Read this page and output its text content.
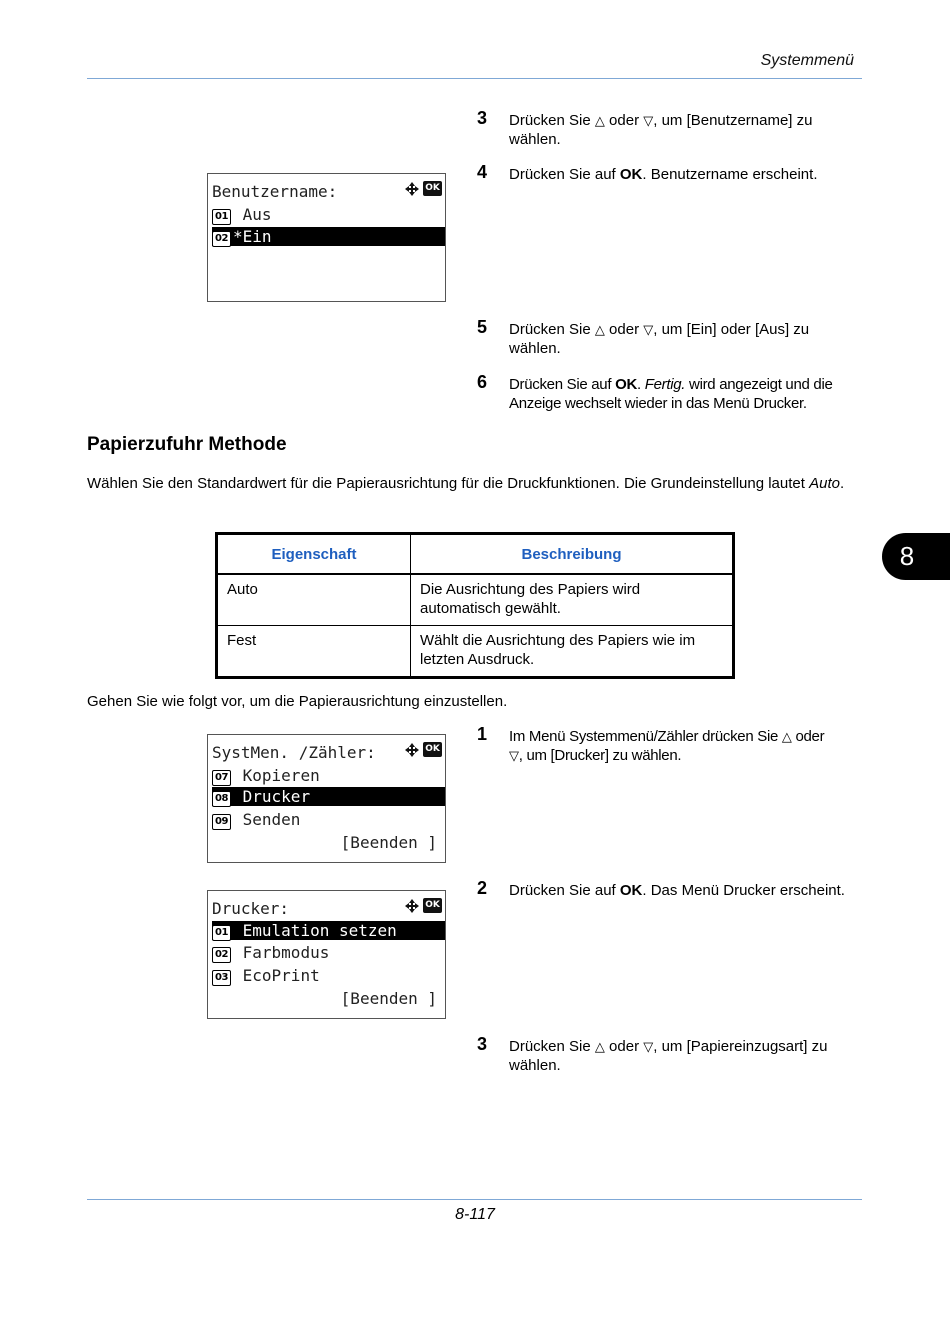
Systemmenü
3 Drücken Sie △ oder ▽, um [Benutzername] zu wählen.
4 Drücken Sie auf OK. Benutzername erscheint.
5 Drücken Sie △ oder ▽, um [Ein] oder [Aus] zu wählen.
6 Drücken Sie auf OK. Fertig. wird angezeigt und die Anzeige wechselt wieder in das Menü Drucker.
Benutzername:	OK
01 Aus
02 *Ein
Papierzufuhr Methode
Wählen Sie den Standardwert für die Papierausrichtung für die Druckfunktionen. Die Grundeinstellung lautet Auto.
Eigenschaft	Beschreibung
Auto	Die Ausrichtung des Papiers wird automatisch gewählt.
Fest	Wählt die Ausrichtung des Papiers wie im letzten Ausdruck.
8
Gehen Sie wie folgt vor, um die Papierausrichtung einzustellen.
1 Im Menü Systemmenü/Zähler drücken Sie △ oder
▽, um [Drucker] zu wählen.
2 Drücken Sie auf OK. Das Menü Drucker erscheint.
3 Drücken Sie △ oder ▽, um [Papiereinzugsart] zu wählen.
SystMen. /Zähler:	OK
07 Kopieren
08 Drucker
09 Senden
[Beenden ]
Drucker:	OK
01 Emulation setzen
02 Farbmodus
03 EcoPrint
[Beenden ]
8-117
